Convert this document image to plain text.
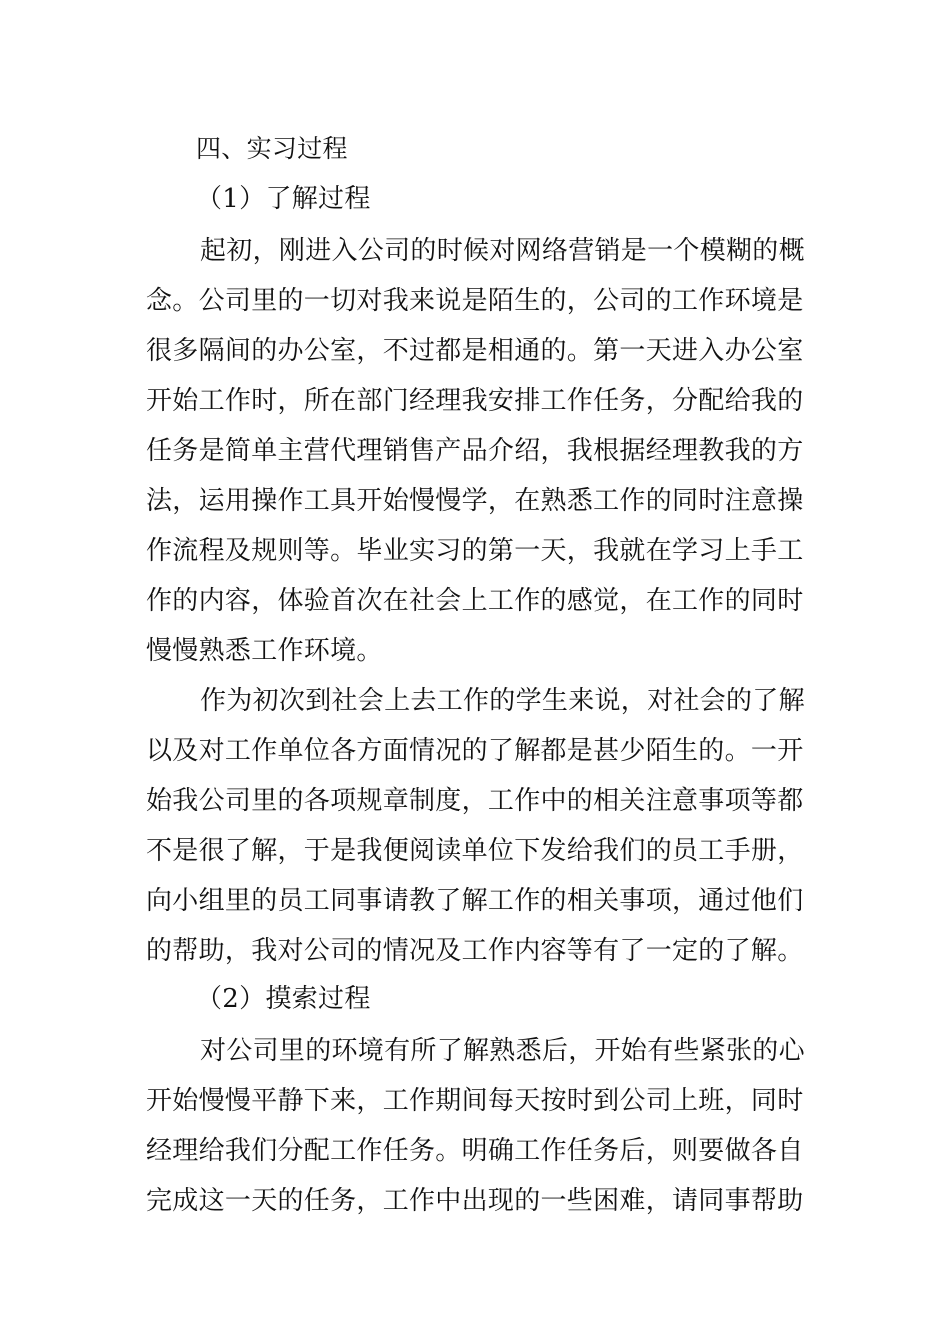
四、实习过程
（1）了解过程
起初，刚进入公司的时候对网络营销是一个模糊的概
念。公司里的一切对我来说是陌生的，公司的工作环境是
很多隔间的办公室，不过都是相通的。第一天进入办公室
开始工作时，所在部门经理我安排工作任务，分配给我的
任务是简单主营代理销售产品介绍，我根据经理教我的方
法，运用操作工具开始慢慢学，在熟悉工作的同时注意操
作流程及规则等。毕业实习的第一天，我就在学习上手工
作的内容，体验首次在社会上工作的感觉，在工作的同时
慢慢熟悉工作环境。
作为初次到社会上去工作的学生来说，对社会的了解
以及对工作单位各方面情况的了解都是甚少陌生的。一开
始我公司里的各项规章制度，工作中的相关注意事项等都
不是很了解，于是我便阅读单位下发给我们的员工手册，
向小组里的员工同事请教了解工作的相关事项，通过他们
的帮助，我对公司的情况及工作内容等有了一定的了解。
（2）摸索过程
对公司里的环境有所了解熟悉后，开始有些紧张的心
开始慢慢平静下来，工作期间每天按时到公司上班，同时
经理给我们分配工作任务。明确工作任务后，则要做各自
完成这一天的任务，工作中出现的一些困难，请同事帮助
